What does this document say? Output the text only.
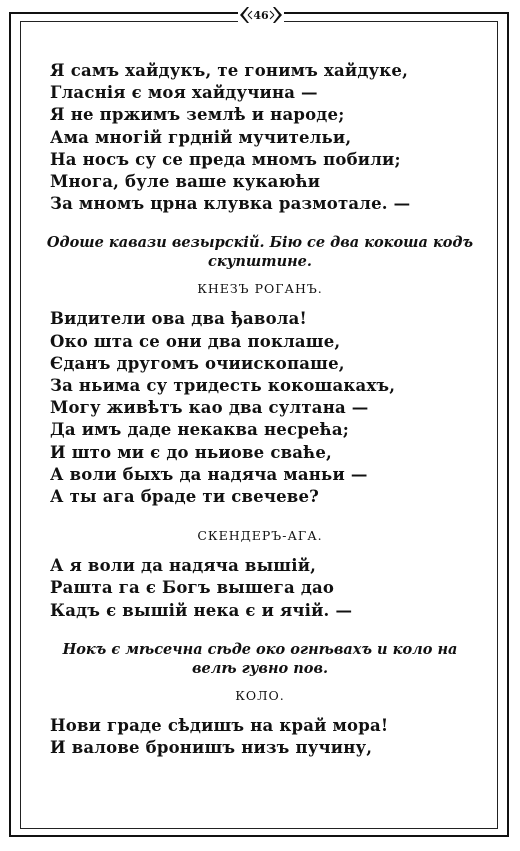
46
Я самъ хайдукъ, те гонимъ хайдуке,
Гласнія є моя хайдучина —
Я не пржимъ землѣ и народе;
Ама многій грдній мучительи,
На носъ су се преда мномъ побили;
Многа, буле ваше кукаюћи
За мномъ црна клувка размотале. —
Одоше кавази везырскій. Бію се два кокоша кодъ
скупштине.
КНЕЗЪ РОГАНЪ.
Видители ова два ђавола!
Око шта се они два поклаше,
Єданъ другомъ очиископаше,
За ньима су тридесть кокошакахъ,
Могу живѣтъ као два султана —
Да имъ даде некаква несрећа;
И што ми є до ньиове сваће,
А воли быхъ да надяча маньи —
А ты ага браде ти свечеве?
СКЕНДЕРЪ-АГА.
А я воли да надяча вышій,
Рашта га є Богъ вышега дао
Кадъ є вышій нека є и ячій. —
Нокъ є мѣсечна сѣде око огнѣвахъ и коло на
велѣ гувно пов.
КОЛО.
Нови граде сѣдишъ на край мора!
И валове бронишъ низъ пучину,
